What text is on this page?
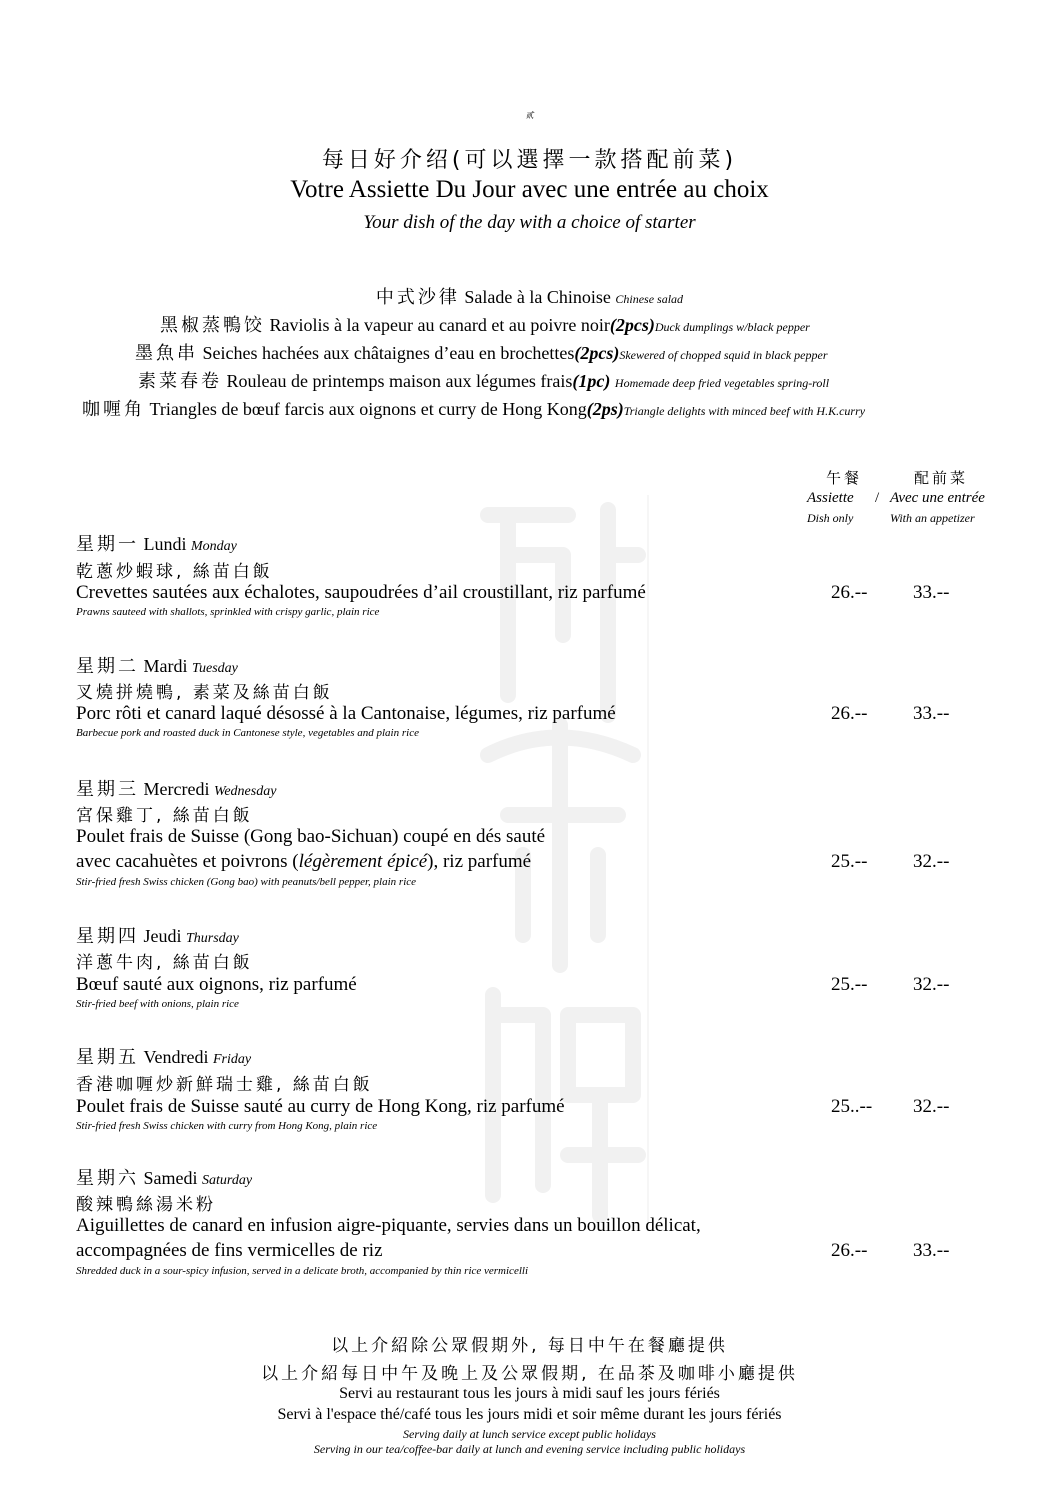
贰
每日好介绍(可以選擇一款搭配前菜)
Votre Assiette Du Jour avec une entrée au choix
Your dish of the day with a choice of starter
中式沙律 Salade à la Chinoise Chinese salad
黑椒蒸鴨饺 Raviolis à la vapeur au canard et au poivre noir(2pcs)Duck dumplings w/black pepper
墨魚串 Seiches hachées aux châtaignes d’eau en brochettes(2pcs)Skewered of chopped squid in black pepper
素菜春卷 Rouleau de printemps maison aux légumes frais(1pc) Homemade deep fried vegetables spring-roll
咖喱角 Triangles de bœuf farcis aux oignons et curry de Hong Kong(2ps)Triangle delights with minced beef with H.K.curry
午餐	配前菜
Assiette / Avec une entrée
Dish only	With an appetizer
星期一 Lundi Monday
乾蔥炒蝦球, 絲苗白飯
Crevettes sautées aux échalotes, saupoudrées d’ail croustillant, riz parfumé
Prawns sauteed with shallots, sprinkled with crispy garlic, plain rice
26.-- 33.--
星期二 Mardi Tuesday
叉燒拼燒鴨, 素菜及絲苗白飯
Porc rôti et canard laqué désossé à la Cantonaise, légumes, riz parfumé
Barbecue pork and roasted duck in Cantonese style, vegetables and plain rice
26.-- 33.--
星期三 Mercredi Wednesday
宮保雞丁, 絲苗白飯
Poulet frais de Suisse (Gong bao-Sichuan) coupé en dés sauté
avec cacahuètes et poivrons (légèrement épicé), riz parfumé
Stir-fried fresh Swiss chicken (Gong bao) with peanuts/bell pepper, plain rice
25.-- 32.--
星期四 Jeudi Thursday
洋蔥牛肉, 絲苗白飯
Bœuf sauté aux oignons, riz parfumé
Stir-fried beef with onions, plain rice
25.-- 32.--
星期五 Vendredi Friday
香港咖喱炒新鮮瑞士雞, 絲苗白飯
Poulet frais de Suisse sauté au curry de Hong Kong, riz parfumé
Stir-fried fresh Swiss chicken with curry from Hong Kong, plain rice
25..-- 32.--
星期六 Samedi Saturday
酸辣鴨絲湯米粉
Aiguillettes de canard en infusion aigre-piquante, servies dans un bouillon délicat,
accompagnées de fins vermicelles de riz
Shredded duck in a sour-spicy infusion, served in a delicate broth, accompanied by thin rice vermicelli
26.-- 33.--
以上介紹除公眾假期外, 每日中午在餐廳提供
以上介紹每日中午及晚上及公眾假期, 在品茶及咖啡小廳提供
Servi au restaurant tous les jours à midi sauf les jours fériés
Servi à l'espace thé/café tous les jours midi et soir même durant les jours fériés
Serving daily at lunch service except public holidays
Serving in our tea/coffee-bar daily at lunch and evening service including public holidays
